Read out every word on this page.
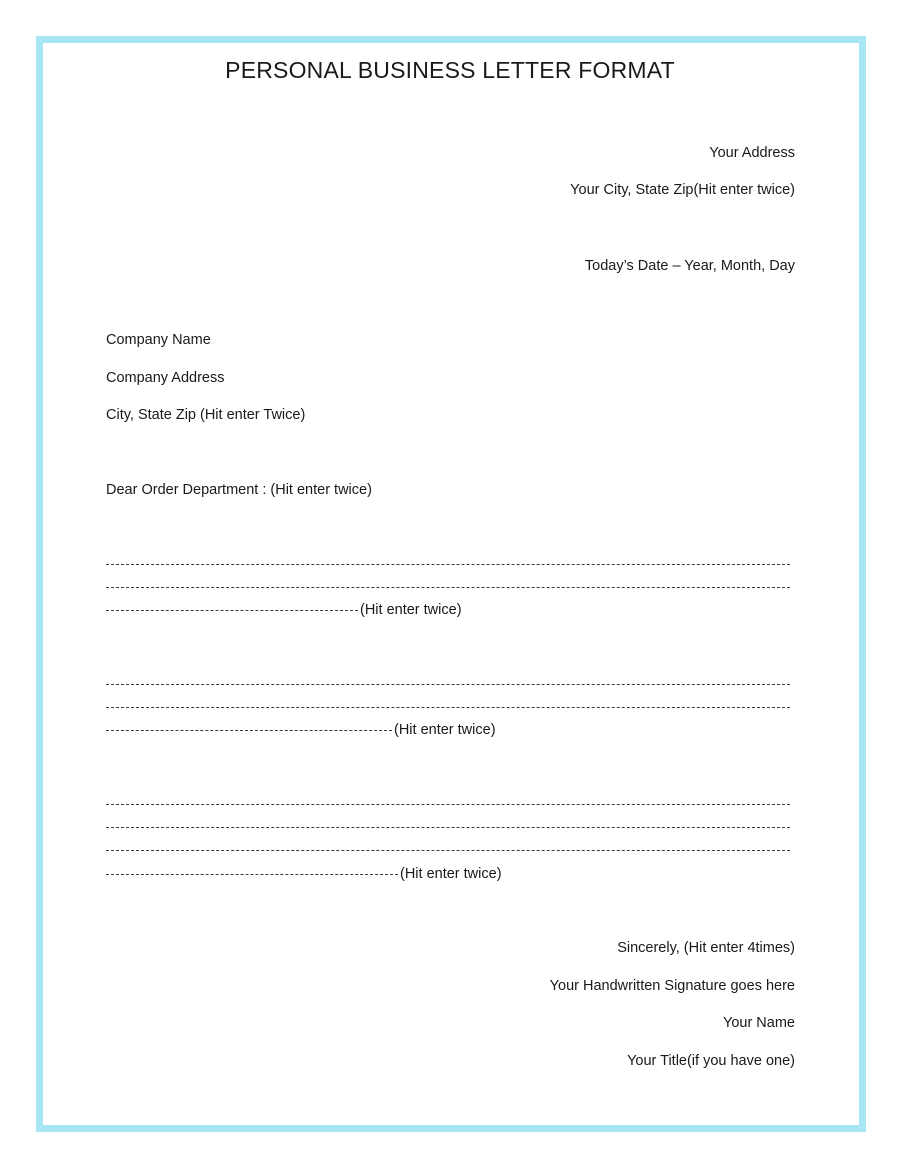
PERSONAL BUSINESS LETTER FORMAT
Your Address
Your City, State Zip(Hit enter twice)
Today’s Date – Year, Month, Day
Company Name
Company Address
City, State Zip (Hit enter Twice)
Dear Order Department : (Hit enter twice)
(Hit enter twice)
(Hit enter twice)
(Hit enter twice)
Sincerely, (Hit enter 4times)
Your Handwritten Signature goes here
Your Name
Your Title(if you have one)
